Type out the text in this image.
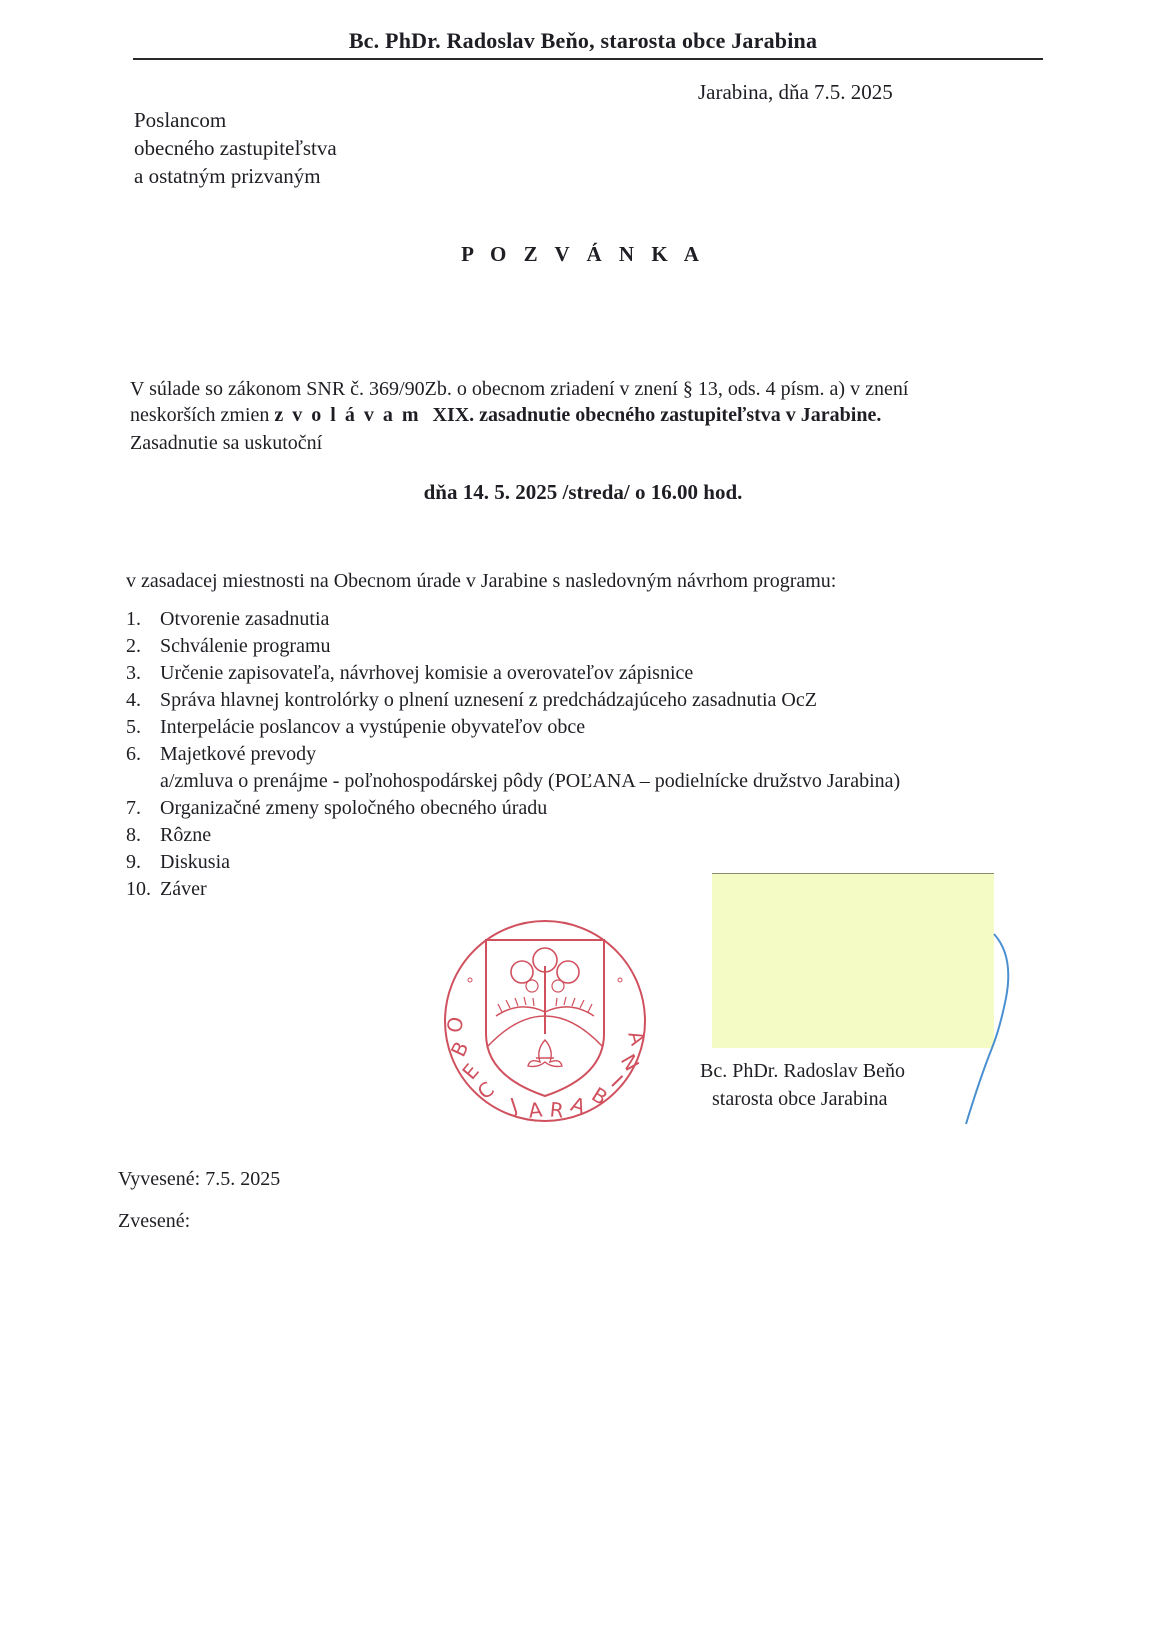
Bc. PhDr. Radoslav Beňo, starosta obce Jarabina
Jarabina, dňa 7.5. 2025
Poslancom
obecného zastupiteľstva
a ostatným prizvaným
P O Z V Á N K A
V súlade so zákonom SNR č. 369/90Zb. o obecnom zriadení v znení § 13, ods. 4 písm. a) v znení
neskorších zmien zvolávam XIX. zasadnutie obecného zastupiteľstva v Jarabine.
Zasadnutie sa uskutoční
dňa 14. 5. 2025 /streda/ o 16.00 hod.
v zasadacej miestnosti na Obecnom úrade v Jarabine s nasledovným návrhom programu:
1. Otvorenie zasadnutia
2. Schválenie programu
3. Určenie zapisovateľa, návrhovej komisie a overovateľov zápisnice
4. Správa hlavnej kontrolórky o plnení uznesení z predchádzajúceho zasadnutia OcZ
5. Interpelácie poslancov a vystúpenie obyvateľov obce
6. Majetkové prevody
a/zmluva o prenájme - poľnohospodárskej pôdy (POĽANA – podielnícke družstvo Jarabina)
7. Organizačné zmeny spoločného obecného úradu
8. Rôzne
9. Diskusia
10. Záver
O
B
E
C
J A R A B
I
N
A
Bc. PhDr. Radoslav Beňo
starosta obce Jarabina
Vyvesené: 7.5. 2025
Zvesené:
